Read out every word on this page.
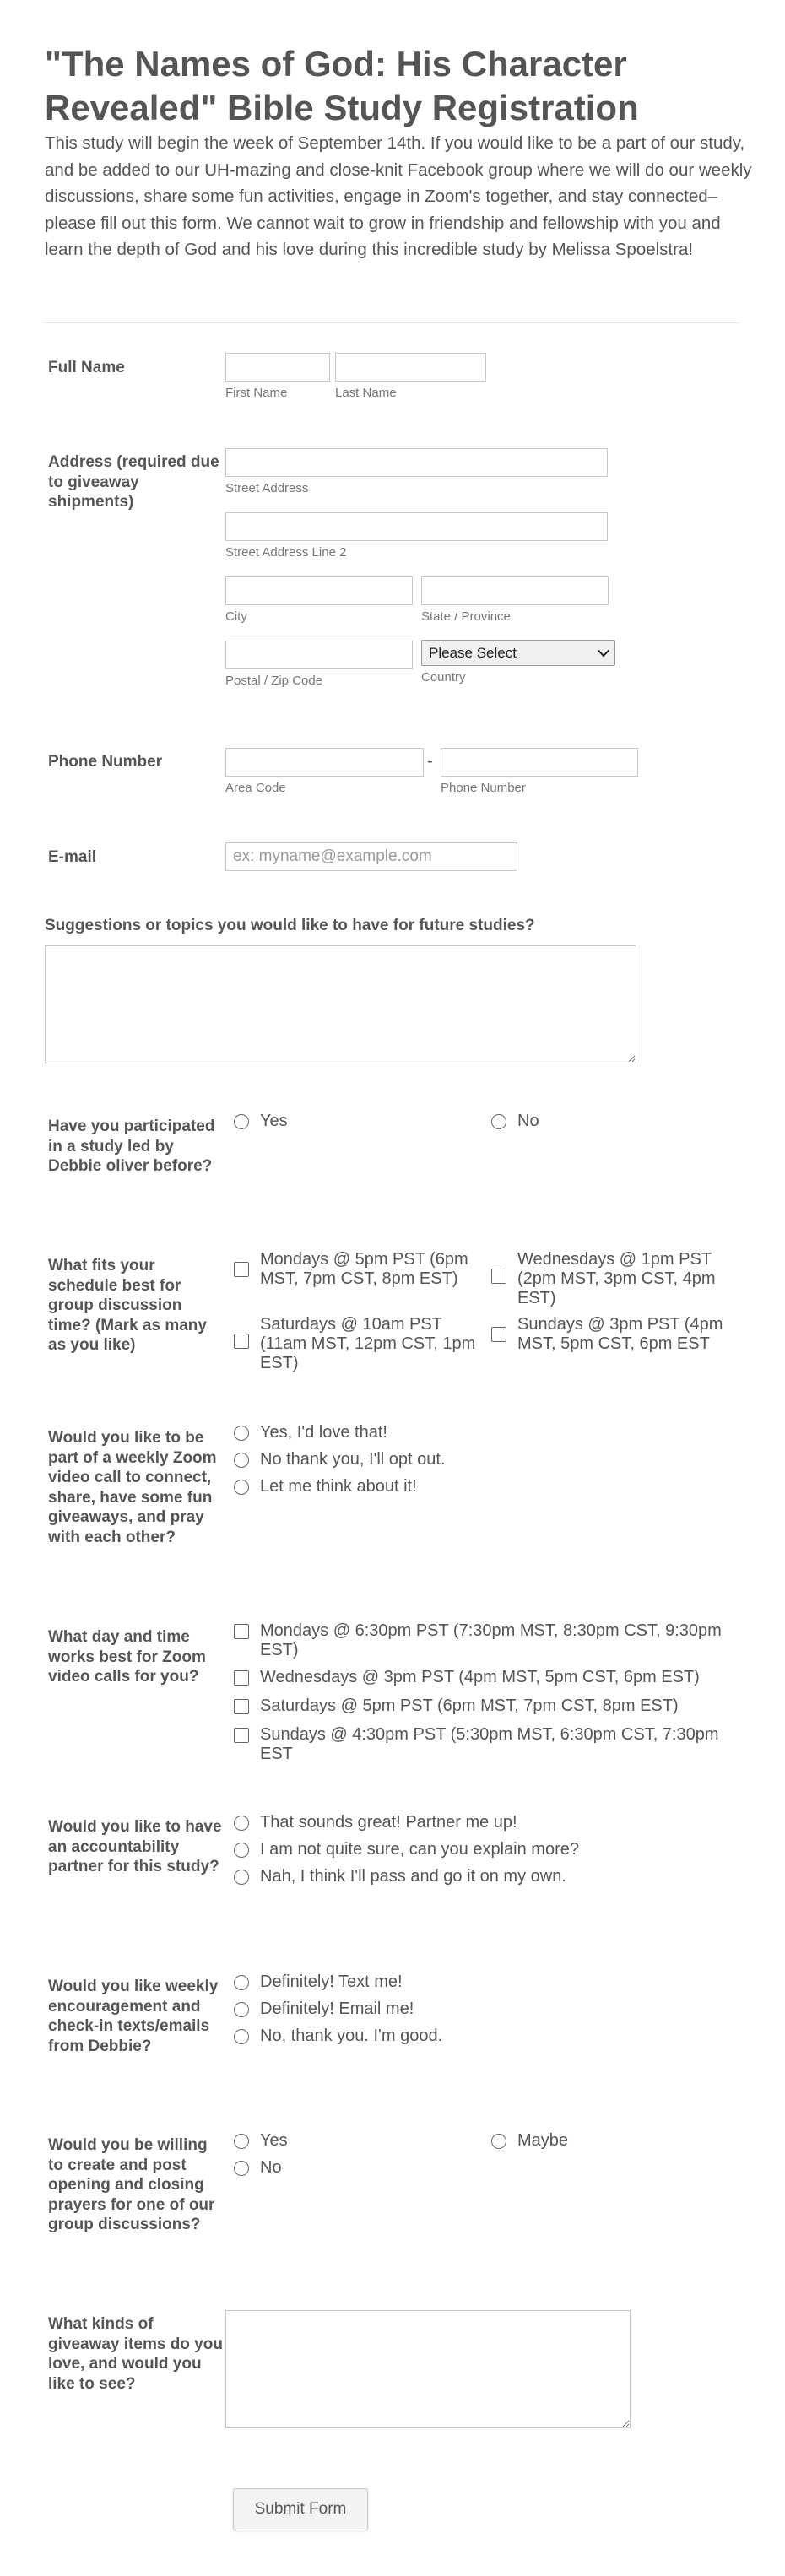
"The Names of God: His Character Revealed" Bible Study Registration
This study will begin the week of September 14th. If you would like to be a part of our study, and be added to our UH-mazing and close-knit Facebook group where we will do our weekly discussions, share some fun activities, engage in Zoom's together, and stay connected– please fill out this form. We cannot wait to grow in friendship and fellowship with you and learn the depth of God and his love during this incredible study by Melissa Spoelstra!
Full Name
First Name	Last Name
Address (required due to giveaway shipments)
Street Address
Street Address Line 2
City	State / Province
Postal / Zip Code
Please Select
Country
Phone Number
Area Code
-
Phone Number
E-mail
ex: myname@example.com
Suggestions or topics you would like to have for future studies?
Have you participated in a study led by Debbie oliver before?
Yes	No
What fits your schedule best for group discussion time? (Mark as many as you like)
Mondays @ 5pm PST (6pm MST, 7pm CST, 8pm EST)
Wednesdays @ 1pm PST (2pm MST, 3pm CST, 4pm EST)
Saturdays @ 10am PST (11am MST, 12pm CST, 1pm EST)
Sundays @ 3pm PST (4pm MST, 5pm CST, 6pm EST
Would you like to be part of a weekly Zoom video call to connect, share, have some fun giveaways, and pray with each other?
Yes, I'd love that!
No thank you, I'll opt out.
Let me think about it!
What day and time works best for Zoom video calls for you?
Mondays @ 6:30pm PST (7:30pm MST, 8:30pm CST, 9:30pm EST)
Wednesdays @ 3pm PST (4pm MST, 5pm CST, 6pm EST)
Saturdays @ 5pm PST (6pm MST, 7pm CST, 8pm EST)
Sundays @ 4:30pm PST (5:30pm MST, 6:30pm CST, 7:30pm EST
Would you like to have an accountability partner for this study?
That sounds great! Partner me up!
I am not quite sure, can you explain more?
Nah, I think I'll pass and go it on my own.
Would you like weekly encouragement and check-in texts/emails from Debbie?
Definitely! Text me!
Definitely! Email me!
No, thank you. I'm good.
Would you be willing to create and post opening and closing prayers for one of our group discussions?
Yes	Maybe
No
What kinds of giveaway items do you love, and would you like to see?
Submit Form
